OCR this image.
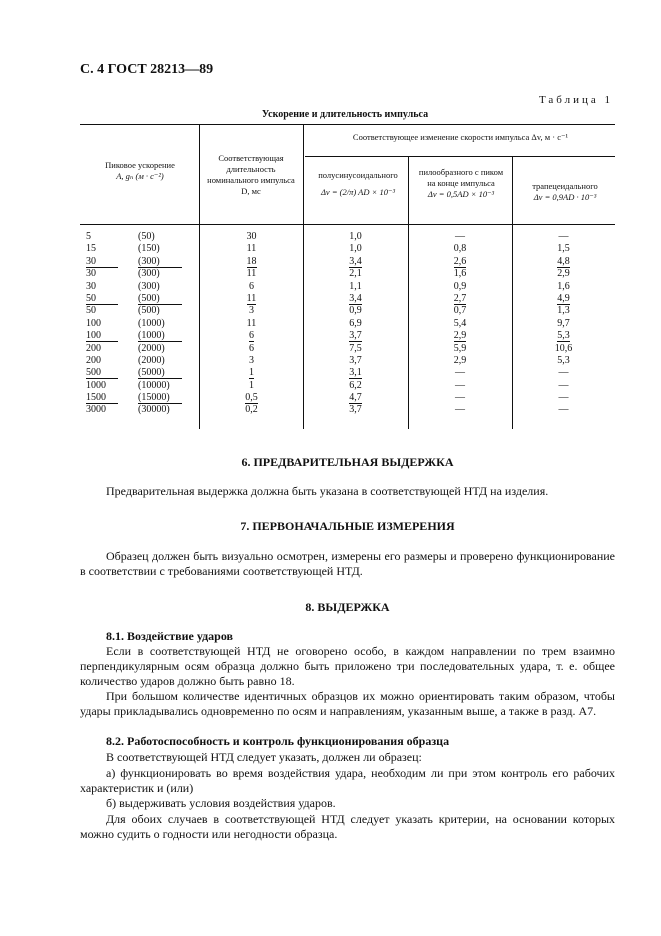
С. 4 ГОСТ 28213—89
Таблица 1
Ускорение и длительность импульса
Пиковое ускорение
A, gₙ (м · с⁻²)
Соответствующая длительность номинального импульса D, мс
Соответствующее изменение скорости импульса Δv, м · с⁻¹
полусинусоидального
Δv = (2/π) AD × 10⁻³
пилообразного с пиком на конце импульса
Δv = 0,5AD × 10⁻³
трапецеидального
Δv = 0,9AD · 10⁻³
5	(50)	30	1,0	—	—
15	(150)	11	1,0	0,8	1,5
30	(300)	18	3,4	2,6	4,8
30	(300)	11	2,1	1,6	2,9
30	(300)	6	1,1	0,9	1,6
50	(500)	11	3,4	2,7	4,9
50	(500)	3	0,9	0,7	1,3
100	(1000)	11	6,9	5,4	9,7
100	(1000)	6	3,7	2,9	5,3
200	(2000)	6	7,5	5,9	10,6
200	(2000)	3	3,7	2,9	5,3
500	(5000)	1	3,1	—	—
1000	(10000)	1	6,2	—	—
1500	(15000)	0,5	4,7	—	—
3000	(30000)	0,2	3,7	—	—
6. ПРЕДВАРИТЕЛЬНАЯ ВЫДЕРЖКА
Предварительная выдержка должна быть указана в соответствующей НТД на изделия.
7. ПЕРВОНАЧАЛЬНЫЕ ИЗМЕРЕНИЯ
Образец должен быть визуально осмотрен, измерены его размеры и проверено функционирование в соответствии с требованиями соответствующей НТД.
8. ВЫДЕРЖКА
8.1. Воздействие ударов
Если в соответствующей НТД не оговорено особо, в каждом направлении по трем взаимно перпендикулярным осям образца должно быть приложено три последовательных удара, т. е. общее количество ударов должно быть равно 18.
При большом количестве идентичных образцов их можно ориентировать таким образом, чтобы удары прикладывались одновременно по осям и направлениям, указанным выше, а также в разд. А7.
8.2. Работоспособность и контроль функционирования образца
В соответствующей НТД следует указать, должен ли образец:
а) функционировать во время воздействия удара, необходим ли при этом контроль его рабочих характеристик и (или)
б) выдерживать условия воздействия ударов.
Для обоих случаев в соответствующей НТД следует указать критерии, на основании которых можно судить о годности или негодности образца.
